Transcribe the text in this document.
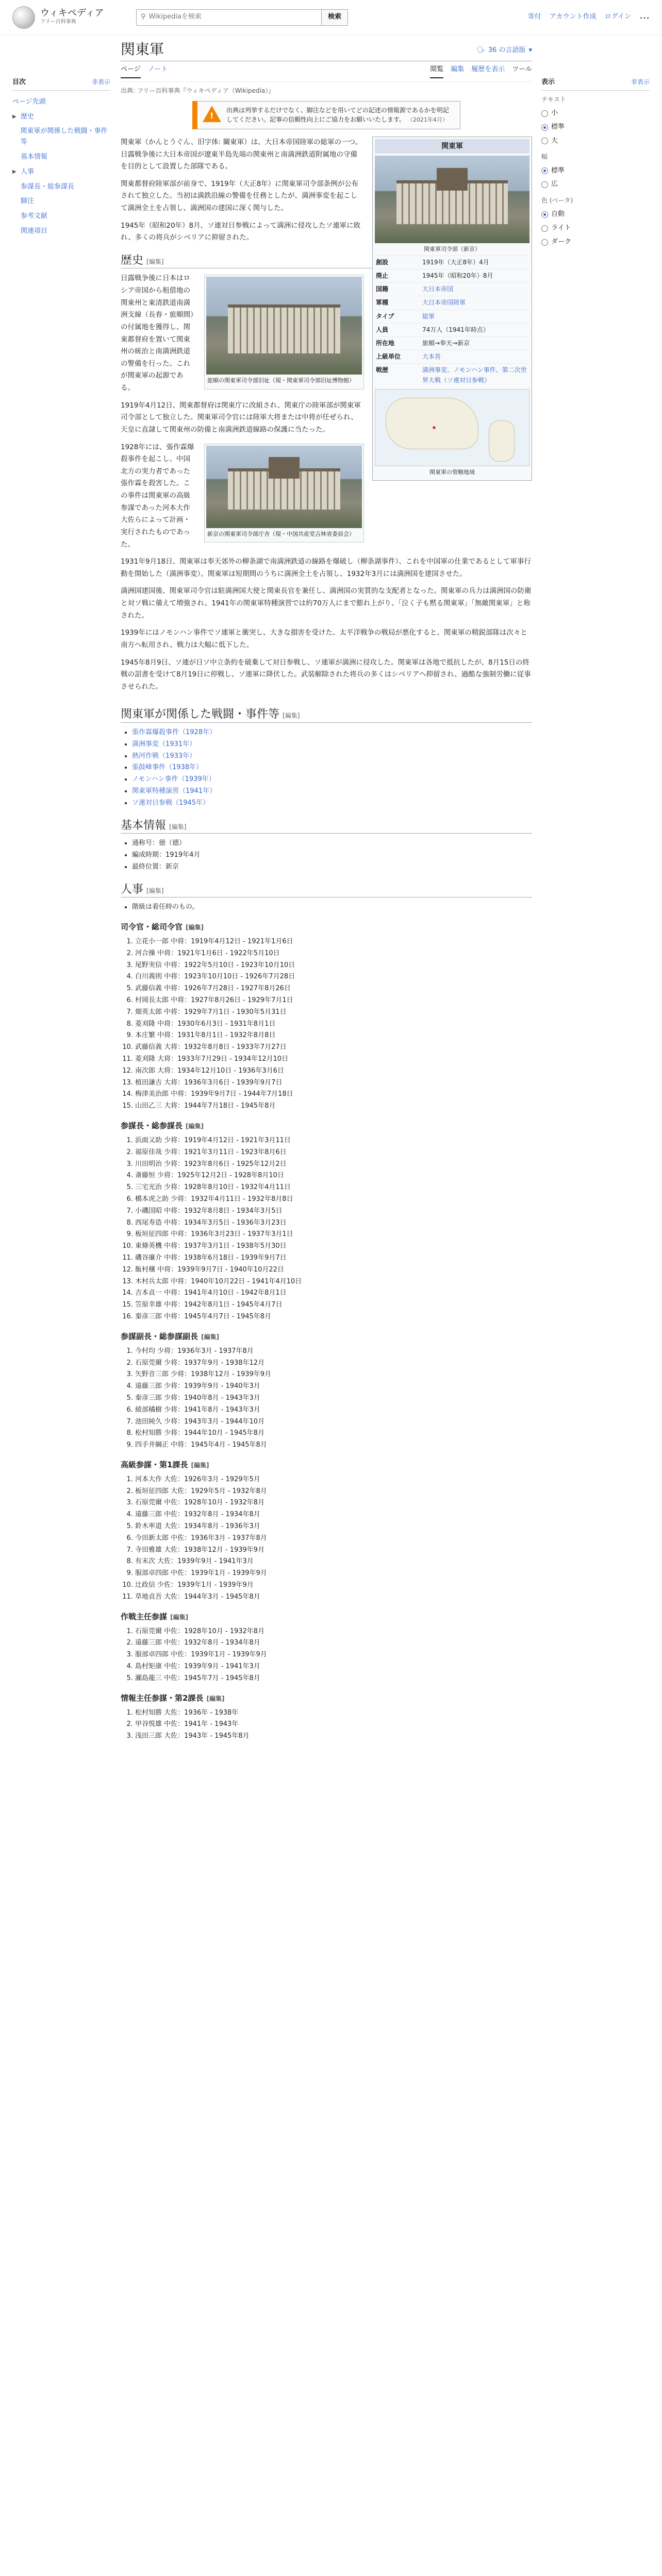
ウィキペディア
フリー百科事典
⚲ Wikipediaを検索	検索	寄付 アカウント作成 ログイン ⋯
目次	非表示
ページ先頭
▶ 歴史
関東軍が関係した戦闘・事件等
基本情報
▶ 人事
参謀長・総参謀長
脚注
参考文献
関連項目
表示	非表示
テキスト
小
標準
大
幅
標準
広
色 (ベータ)
自動
ライト
ダーク
関東軍	🗣 36 の言語版 ▾
ページ ノート	閲覧 編集 履歴を表示 ツール
出典: フリー百科事典『ウィキペディア（Wikipedia）』
!
出典は列挙するだけでなく、脚注などを用いてどの記述の情報源であるかを明記してください。記事の信頼性向上にご協力をお願いいたします。 （2021年4月）
関東軍
関東軍司令部（新京）
創設	1919年（大正8年）4月
廃止	1945年（昭和20年）8月
国籍	大日本帝国
軍種	大日本帝国陸軍
タイプ	総軍
人員	74万人（1941年時点）
所在地	旅順→奉天→新京
上級単位	大本営
戦歴	満洲事変、ノモンハン事件、第二次世界大戦（ソ連対日参戦）
関東軍の管轄地域

関東軍（かんとうぐん、旧字体: 關東軍）は、大日本帝国陸軍の総軍の一つ。日露戦争後に大日本帝国が遼東半島先端の関東州と南満洲鉄道附属地の守備を目的として設置した部隊である。

関東都督府陸軍部が前身で、1919年（大正8年）に関東軍司令部条例が公布されて独立した。当初は満鉄沿線の警備を任務としたが、満洲事変を起こして満洲全土を占領し、満洲国の建国に深く関与した。

1945年（昭和20年）8月、ソ連対日参戦によって満洲に侵攻したソ連軍に敗れ、多くの将兵がシベリアに抑留された。

歴史 [編集]
旅順の関東軍司令部旧址（現・関東軍司令部旧址博物館）

日露戦争後に日本はロシア帝国から租借地の関東州と東清鉄道南満洲支線（長春・旅順間）の付属地を獲得し、関東都督府を置いて関東州の統治と南満洲鉄道の警備を行った。これが関東軍の起源である。

1919年4月12日、関東都督府は関東庁に改組され、関東庁の陸軍部が関東軍司令部として独立した。関東軍司令官には陸軍大将または中将が任ぜられ、天皇に直隷して関東州の防備と南満洲鉄道線路の保護に当たった。

新京の関東軍司令部庁舎（現・中国共産党吉林省委員会）

1928年には、張作霖爆殺事件を起こし、中国北方の実力者であった張作霖を殺害した。この事件は関東軍の高級参謀であった河本大作大佐らによって計画・実行されたものであった。

1931年9月18日、関東軍は奉天郊外の柳条湖で南満洲鉄道の線路を爆破し（柳条湖事件）、これを中国軍の仕業であるとして軍事行動を開始した（満洲事変）。関東軍は短期間のうちに満洲全土を占領し、1932年3月には満洲国を建国させた。

満洲国建国後、関東軍司令官は駐満洲国大使と関東長官を兼任し、満洲国の実質的な支配者となった。関東軍の兵力は満洲国の防衛と対ソ戦に備えて増強され、1941年の関東軍特種演習では約70万人にまで膨れ上がり、「泣く子も黙る関東軍」「無敵関東軍」と称された。

1939年にはノモンハン事件でソ連軍と衝突し、大きな損害を受けた。太平洋戦争の戦局が悪化すると、関東軍の精鋭部隊は次々と南方へ転用され、戦力は大幅に低下した。

1945年8月9日、ソ連が日ソ中立条約を破棄して対日参戦し、ソ連軍が満洲に侵攻した。関東軍は各地で抵抗したが、8月15日の終戦の詔書を受けて8月19日に停戦し、ソ連軍に降伏した。武装解除された将兵の多くはシベリアへ抑留され、過酷な強制労働に従事させられた。

関東軍が関係した戦闘・事件等 [編集]
• 張作霖爆殺事件（1928年）
• 満洲事変（1931年）
• 熱河作戦（1933年）
• 張鼓峰事件（1938年）
• ノモンハン事件（1939年）
• 関東軍特種演習（1941年）
• ソ連対日参戦（1945年）
基本情報 [編集]
• 通称号：徳（德）
• 編成時期：1919年4月
• 最終位置：新京
人事 [編集]
• 階級は着任時のもの。
司令官・総司令官 [編集]
1. 立花小一郎 中将：1919年4月12日 - 1921年1月6日
2. 河合操 中将：1921年1月6日 - 1922年5月10日
3. 尾野実信 中将：1922年5月10日 - 1923年10月10日
4. 白川義則 中将：1923年10月10日 - 1926年7月28日
5. 武藤信義 中将：1926年7月28日 - 1927年8月26日
6. 村岡長太郎 中将：1927年8月26日 - 1929年7月1日
7. 畑英太郎 中将：1929年7月1日 - 1930年5月31日
8. 菱刈隆 中将：1930年6月3日 - 1931年8月1日
9. 本庄繁 中将：1931年8月1日 - 1932年8月8日
10. 武藤信義 大将：1932年8月8日 - 1933年7月27日
11. 菱刈隆 大将：1933年7月29日 - 1934年12月10日
12. 南次郎 大将：1934年12月10日 - 1936年3月6日
13. 植田謙吉 大将：1936年3月6日 - 1939年9月7日
14. 梅津美治郎 中将：1939年9月7日 - 1944年7月18日
15. 山田乙三 大将：1944年7月18日 - 1945年8月
参謀長・総参謀長 [編集]
1. 浜面又助 少将：1919年4月12日 - 1921年3月11日
2. 福原佳哉 少将：1921年3月11日 - 1923年8月6日
3. 川田明治 少将：1923年8月6日 - 1925年12月2日
4. 斎藤恒 少将：1925年12月2日 - 1928年8月10日
5. 三宅光治 少将：1928年8月10日 - 1932年4月11日
6. 橋本虎之助 少将：1932年4月11日 - 1932年8月8日
7. 小磯国昭 中将：1932年8月8日 - 1934年3月5日
8. 西尾寿造 中将：1934年3月5日 - 1936年3月23日
9. 板垣征四郎 中将：1936年3月23日 - 1937年3月1日
10. 東條英機 中将：1937年3月1日 - 1938年5月30日
11. 磯谷廉介 中将：1938年6月18日 - 1939年9月7日
12. 飯村穣 中将：1939年9月7日 - 1940年10月22日
13. 木村兵太郎 中将：1940年10月22日 - 1941年4月10日
14. 吉本貞一 中将：1941年4月10日 - 1942年8月1日
15. 笠原幸雄 中将：1942年8月1日 - 1945年4月7日
16. 秦彦三郎 中将：1945年4月7日 - 1945年8月
参謀副長・総参謀副長 [編集]
1. 今村均 少将：1936年3月 - 1937年8月
2. 石原莞爾 少将：1937年9月 - 1938年12月
3. 矢野音三郎 少将：1938年12月 - 1939年9月
4. 遠藤三郎 少将：1939年9月 - 1940年3月
5. 秦彦三郎 少将：1940年8月 - 1943年3月
6. 綾部橘樹 少将：1941年8月 - 1943年3月
7. 池田純久 少将：1943年3月 - 1944年10月
8. 松村知勝 少将：1944年10月 - 1945年8月
9. 四手井綱正 中将：1945年4月 - 1945年8月
高級参謀・第1課長 [編集]
1. 河本大作 大佐：1926年3月 - 1929年5月
2. 板垣征四郎 大佐：1929年5月 - 1932年8月
3. 石原莞爾 中佐：1928年10月 - 1932年8月
4. 遠藤三郎 中佐：1932年8月 - 1934年8月
5. 鈴木率道 大佐：1934年8月 - 1936年3月
6. 今田新太郎 中佐：1936年3月 - 1937年8月
7. 寺田雅雄 大佐：1938年12月 - 1939年9月
8. 有末次 大佐：1939年9月 - 1941年3月
9. 服部卓四郎 中佐：1939年1月 - 1939年9月
10. 辻政信 少佐：1939年1月 - 1939年9月
11. 草地貞吾 大佐：1944年3月 - 1945年8月
作戦主任参謀 [編集]
1. 石原莞爾 中佐：1928年10月 - 1932年8月
2. 遠藤三郎 中佐：1932年8月 - 1934年8月
3. 服部卓四郎 中佐：1939年1月 - 1939年9月
4. 島村矩康 中佐：1939年9月 - 1941年3月
5. 瀬島龍三 中佐：1945年7月 - 1945年8月
情報主任参謀・第2課長 [編集]
1. 松村知勝 大佐：1936年 - 1938年
2. 甲谷悦雄 中佐：1941年 - 1943年
3. 浅田三郎 大佐：1943年 - 1945年8月
